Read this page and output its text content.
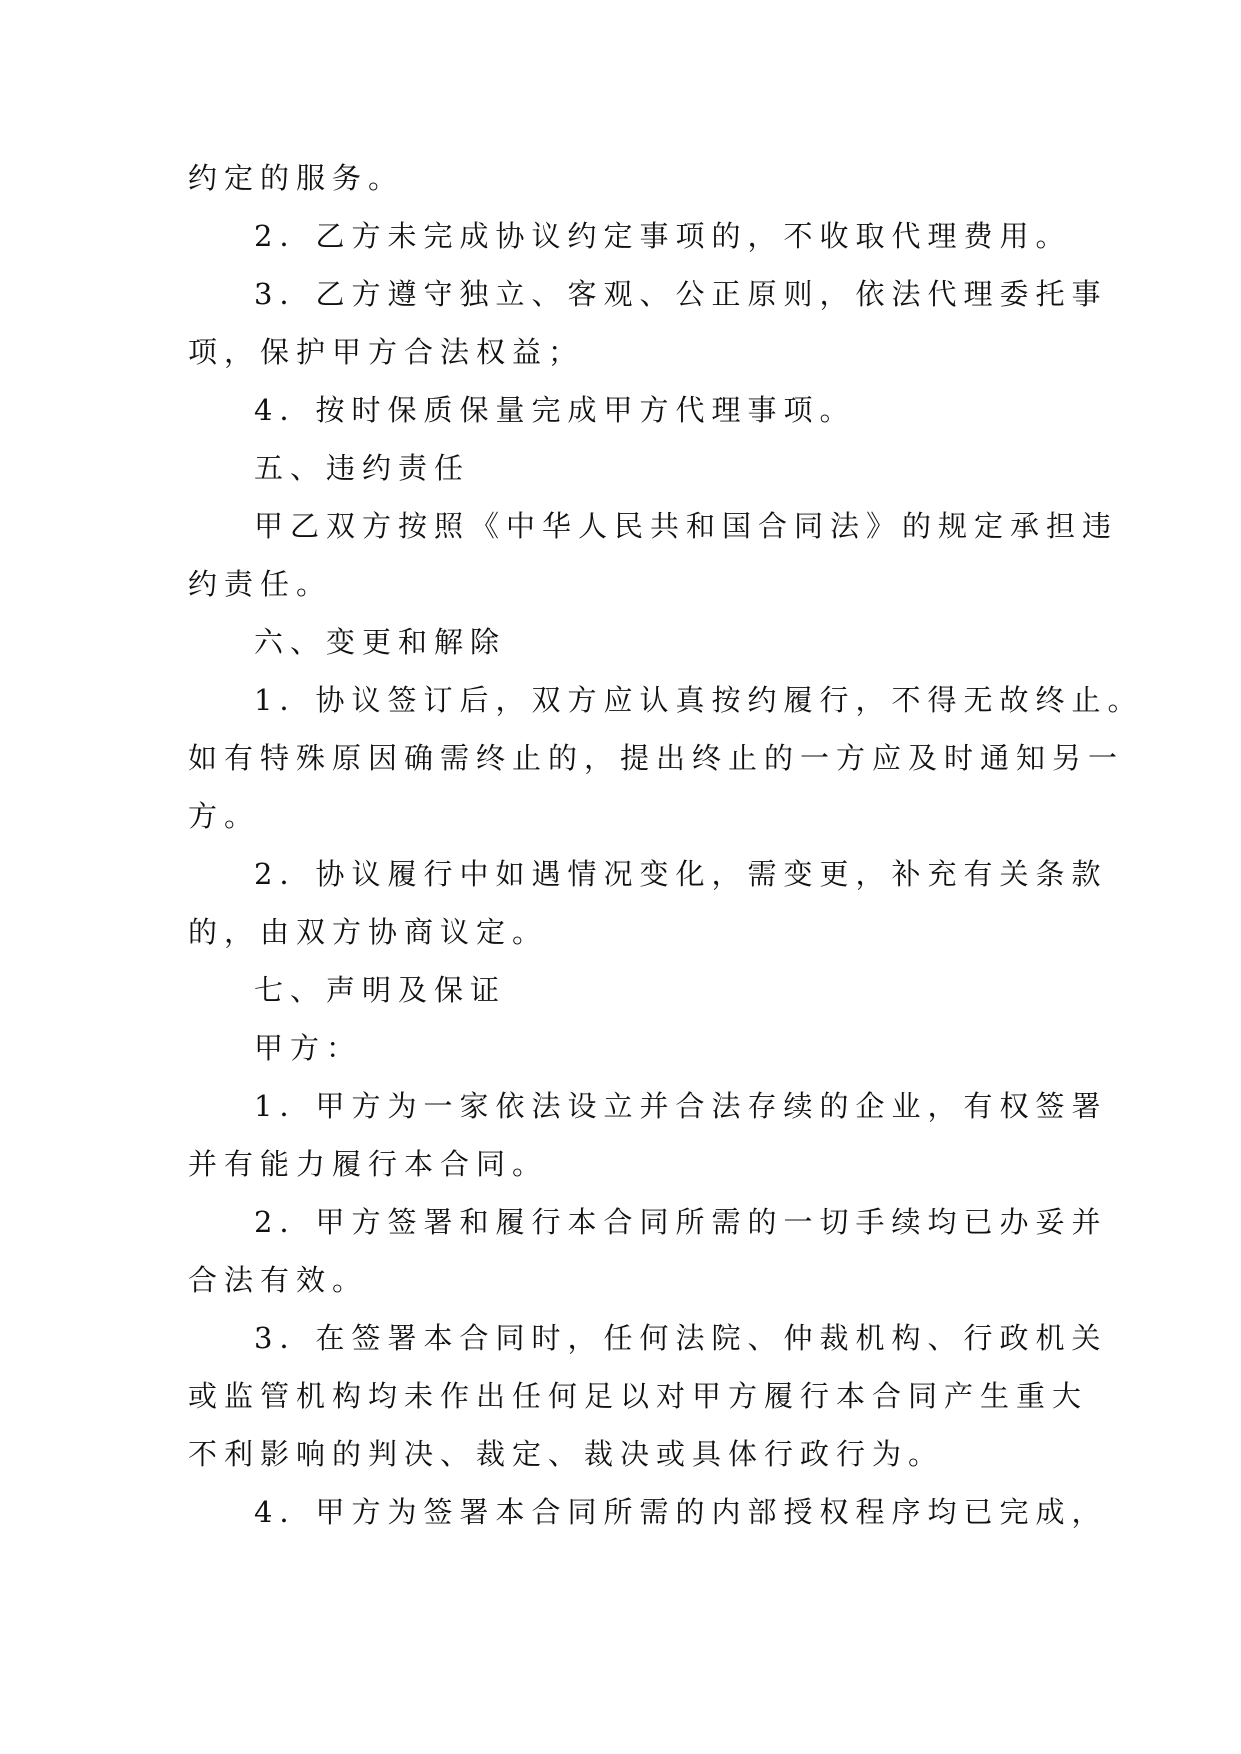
约定的服务。
2．乙方未完成协议约定事项的，不收取代理费用。
3．乙方遵守独立、客观、公正原则，依法代理委托事
项，保护甲方合法权益；
4．按时保质保量完成甲方代理事项。
五、违约责任
甲乙双方按照《中华人民共和国合同法》的规定承担违
约责任。
六、变更和解除
1．协议签订后，双方应认真按约履行，不得无故终止。
如有特殊原因确需终止的，提出终止的一方应及时通知另一
方。
2．协议履行中如遇情况变化，需变更，补充有关条款
的，由双方协商议定。
七、声明及保证
甲方：
1．甲方为一家依法设立并合法存续的企业，有权签署
并有能力履行本合同。
2．甲方签署和履行本合同所需的一切手续均已办妥并
合法有效。
3．在签署本合同时，任何法院、仲裁机构、行政机关
或监管机构均未作出任何足以对甲方履行本合同产生重大
不利影响的判决、裁定、裁决或具体行政行为。
4．甲方为签署本合同所需的内部授权程序均已完成，
